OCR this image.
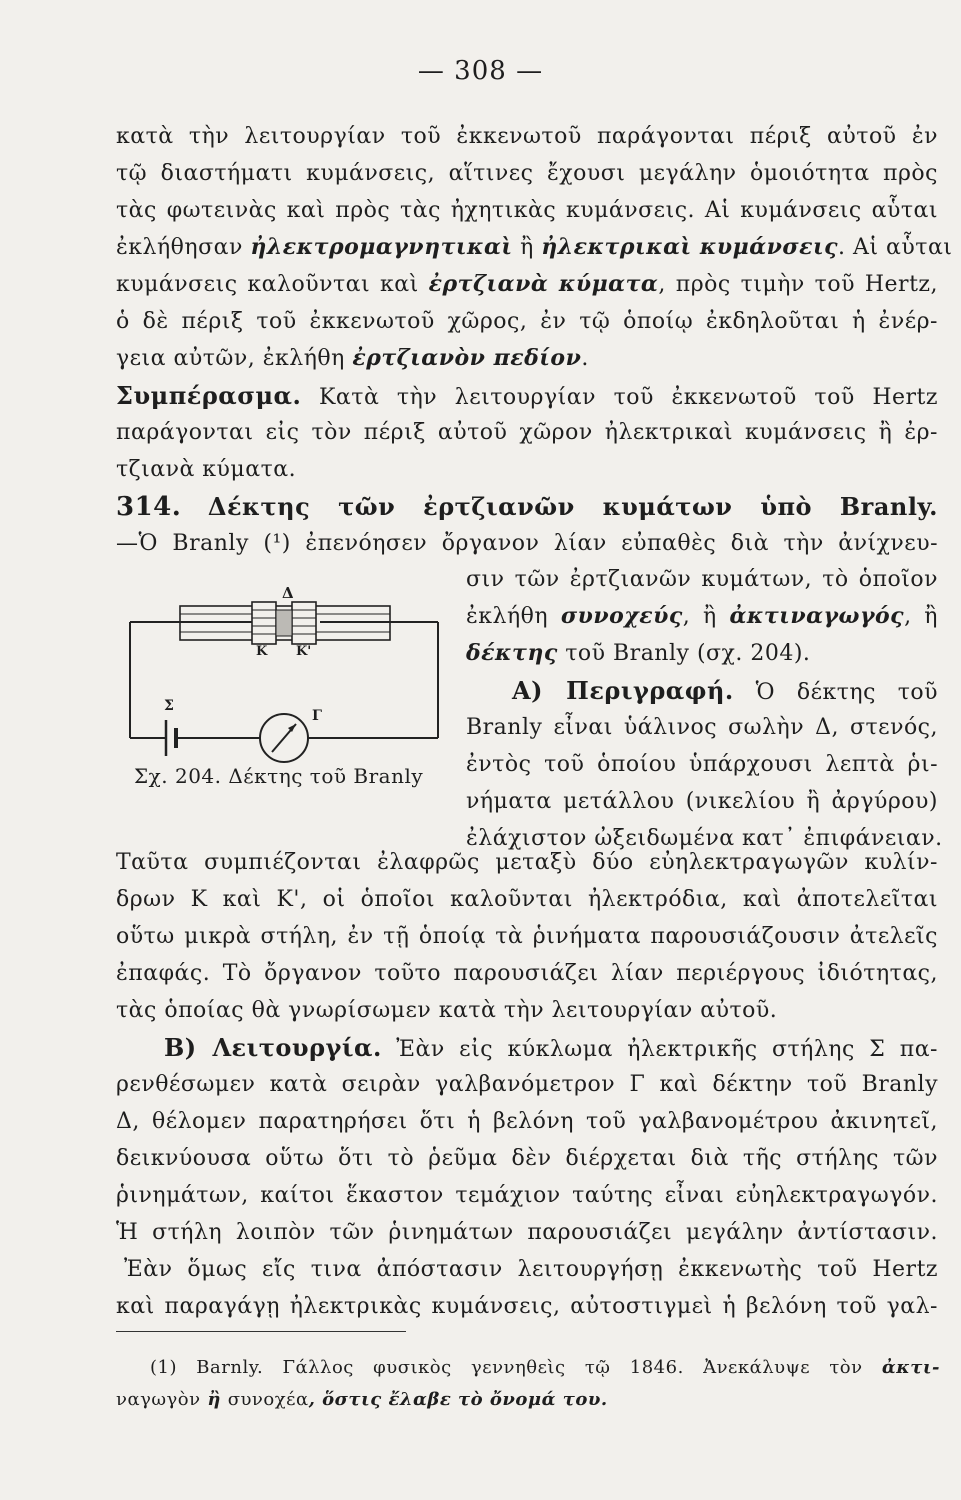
— 308 —
κατὰ τὴν λειτουργίαν τοῦ ἐκκενωτοῦ παράγονται πέριξ αὐτοῦ ἐν
τῷ διαστήματι κυμάνσεις, αἵτινες ἔχουσι μεγάλην ὁμοιότητα πρὸς
τὰς φωτεινὰς καὶ πρὸς τὰς ἠχητικὰς κυμάνσεις. Αἱ κυμάνσεις αὗται
ἐκλήθησαν ἠλεκτρομαγνητικαὶ ἢ ἠλεκτρικαὶ κυμάνσεις. Αἱ αὗται
κυμάνσεις καλοῦνται καὶ ἐρτζιανὰ κύματα, πρὸς τιμὴν τοῦ Hertz,
ὁ δὲ πέριξ τοῦ ἐκκενωτοῦ χῶρος, ἐν τῷ ὁποίῳ ἐκδηλοῦται ἡ ἐνέρ-
γεια αὐτῶν, ἐκλήθη ἐρτζιανὸν πεδίον.
Συμπέρασμα. Κατὰ τὴν λειτουργίαν τοῦ ἐκκενωτοῦ τοῦ Hertz
παράγονται εἰς τὸν πέριξ αὐτοῦ χῶρον ἠλεκτρικαὶ κυμάνσεις ἢ ἐρ-
τζιανὰ κύματα.
314. Δέκτης τῶν ἐρτζιανῶν κυμάτων ὑπὸ Branly.
—Ὁ Branly (¹) ἐπενόησεν ὄργανον λίαν εὐπαθὲς διὰ τὴν ἀνίχνευ-
Δ
Κ Κ'
Σ
Γ
Σχ. 204. Δέκτης τοῦ Branly
σιν τῶν ἐρτζιανῶν κυμάτων, τὸ ὁποῖον
ἐκλήθη συνοχεύς, ἢ ἀκτιναγωγός, ἢ
δέκτης τοῦ Branly (σχ. 204).
Α) Περιγραφή. Ὁ δέκτης τοῦ
Branly εἶναι ὑάλινος σωλὴν Δ, στενός,
ἐντὸς τοῦ ὁποίου ὑπάρχουσι λεπτὰ ῥι-
νήματα μετάλλου (νικελίου ἢ ἀργύρου)
ἐλάχιστον ὠξειδωμένα κατ᾽ ἐπιφάνειαν.
Ταῦτα συμπιέζονται ἐλαφρῶς μεταξὺ δύο εὐηλεκτραγωγῶν κυλίν-
δρων Κ καὶ Κ', οἱ ὁποῖοι καλοῦνται ἠλεκτρόδια, καὶ ἀποτελεῖται
οὕτω μικρὰ στήλη, ἐν τῇ ὁποίᾳ τὰ ῥινήματα παρουσιάζουσιν ἀτελεῖς
ἐπαφάς. Τὸ ὄργανον τοῦτο παρουσιάζει λίαν περιέργους ἰδιότητας,
τὰς ὁποίας θὰ γνωρίσωμεν κατὰ τὴν λειτουργίαν αὐτοῦ.
Β) Λειτουργία. Ἐὰν εἰς κύκλωμα ἠλεκτρικῆς στήλης Σ πα-
ρενθέσωμεν κατὰ σειρὰν γαλβανόμετρον Γ καὶ δέκτην τοῦ Branly
Δ, θέλομεν παρατηρήσει ὅτι ἡ βελόνη τοῦ γαλβανομέτρου ἀκινητεῖ,
δεικνύουσα οὕτω ὅτι τὸ ῥεῦμα δὲν διέρχεται διὰ τῆς στήλης τῶν
ῥινημάτων, καίτοι ἕκαστον τεμάχιον ταύτης εἶναι εὐηλεκτραγωγόν.
Ἡ στήλη λοιπὸν τῶν ῥινημάτων παρουσιάζει μεγάλην ἀντίστασιν.
Ἐὰν ὅμως εἴς τινα ἀπόστασιν λειτουργήσῃ ἐκκενωτὴς τοῦ Hertz
καὶ παραγάγῃ ἠλεκτρικὰς κυμάνσεις, αὐτοστιγμεὶ ἡ βελόνη τοῦ γαλ-
(1) Barnly. Γάλλος φυσικὸς γεννηθεὶς τῷ 1846. Ἀνεκάλυψε τὸν ἀκτι-
ναγωγὸν ἢ συνοχέα, ὅστις ἔλαβε τὸ ὄνομά του.
